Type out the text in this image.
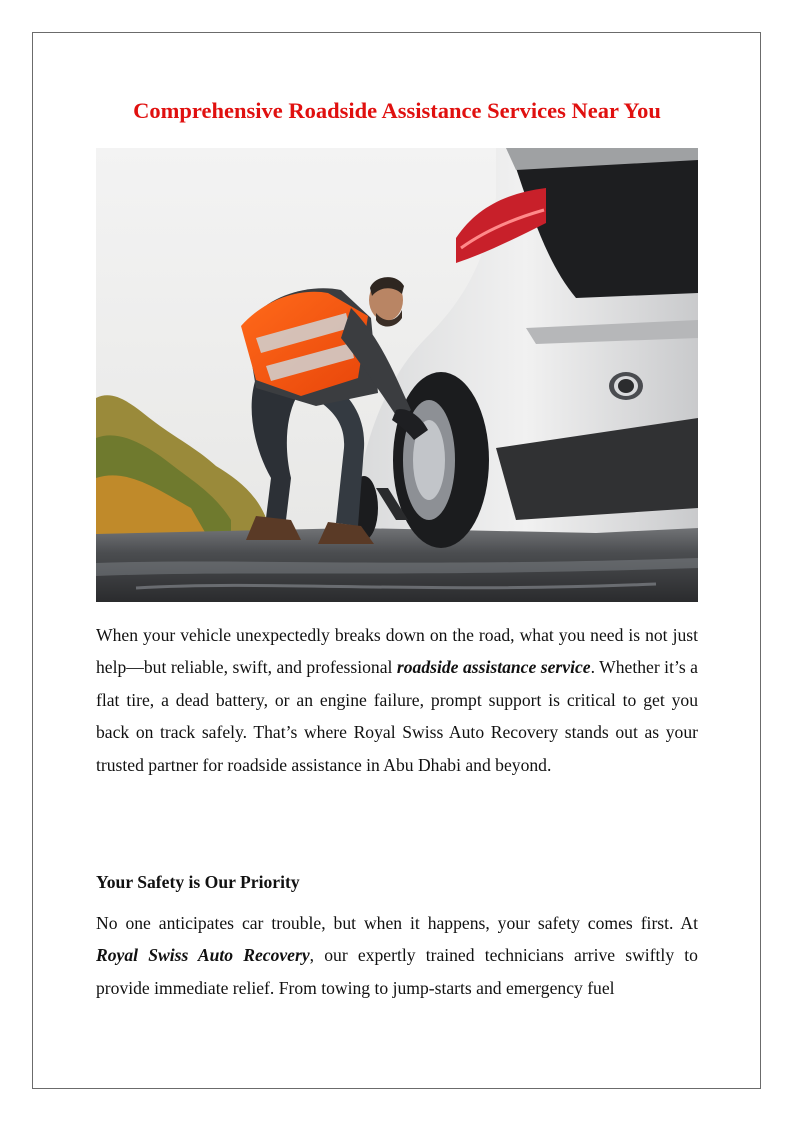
Comprehensive Roadside Assistance Services Near You

When your vehicle unexpectedly breaks down on the road, what you need is not just help—but reliable, swift, and professional roadside assistance service. Whether it’s a flat tire, a dead battery, or an engine failure, prompt support is critical to get you back on track safely. That’s where Royal Swiss Auto Recovery stands out as your trusted partner for roadside assistance in Abu Dhabi and beyond.

Your Safety is Our Priority

No one anticipates car trouble, but when it happens, your safety comes first. At Royal Swiss Auto Recovery, our expertly trained technicians arrive swiftly to provide immediate relief. From towing to jump-starts and emergency fuel
